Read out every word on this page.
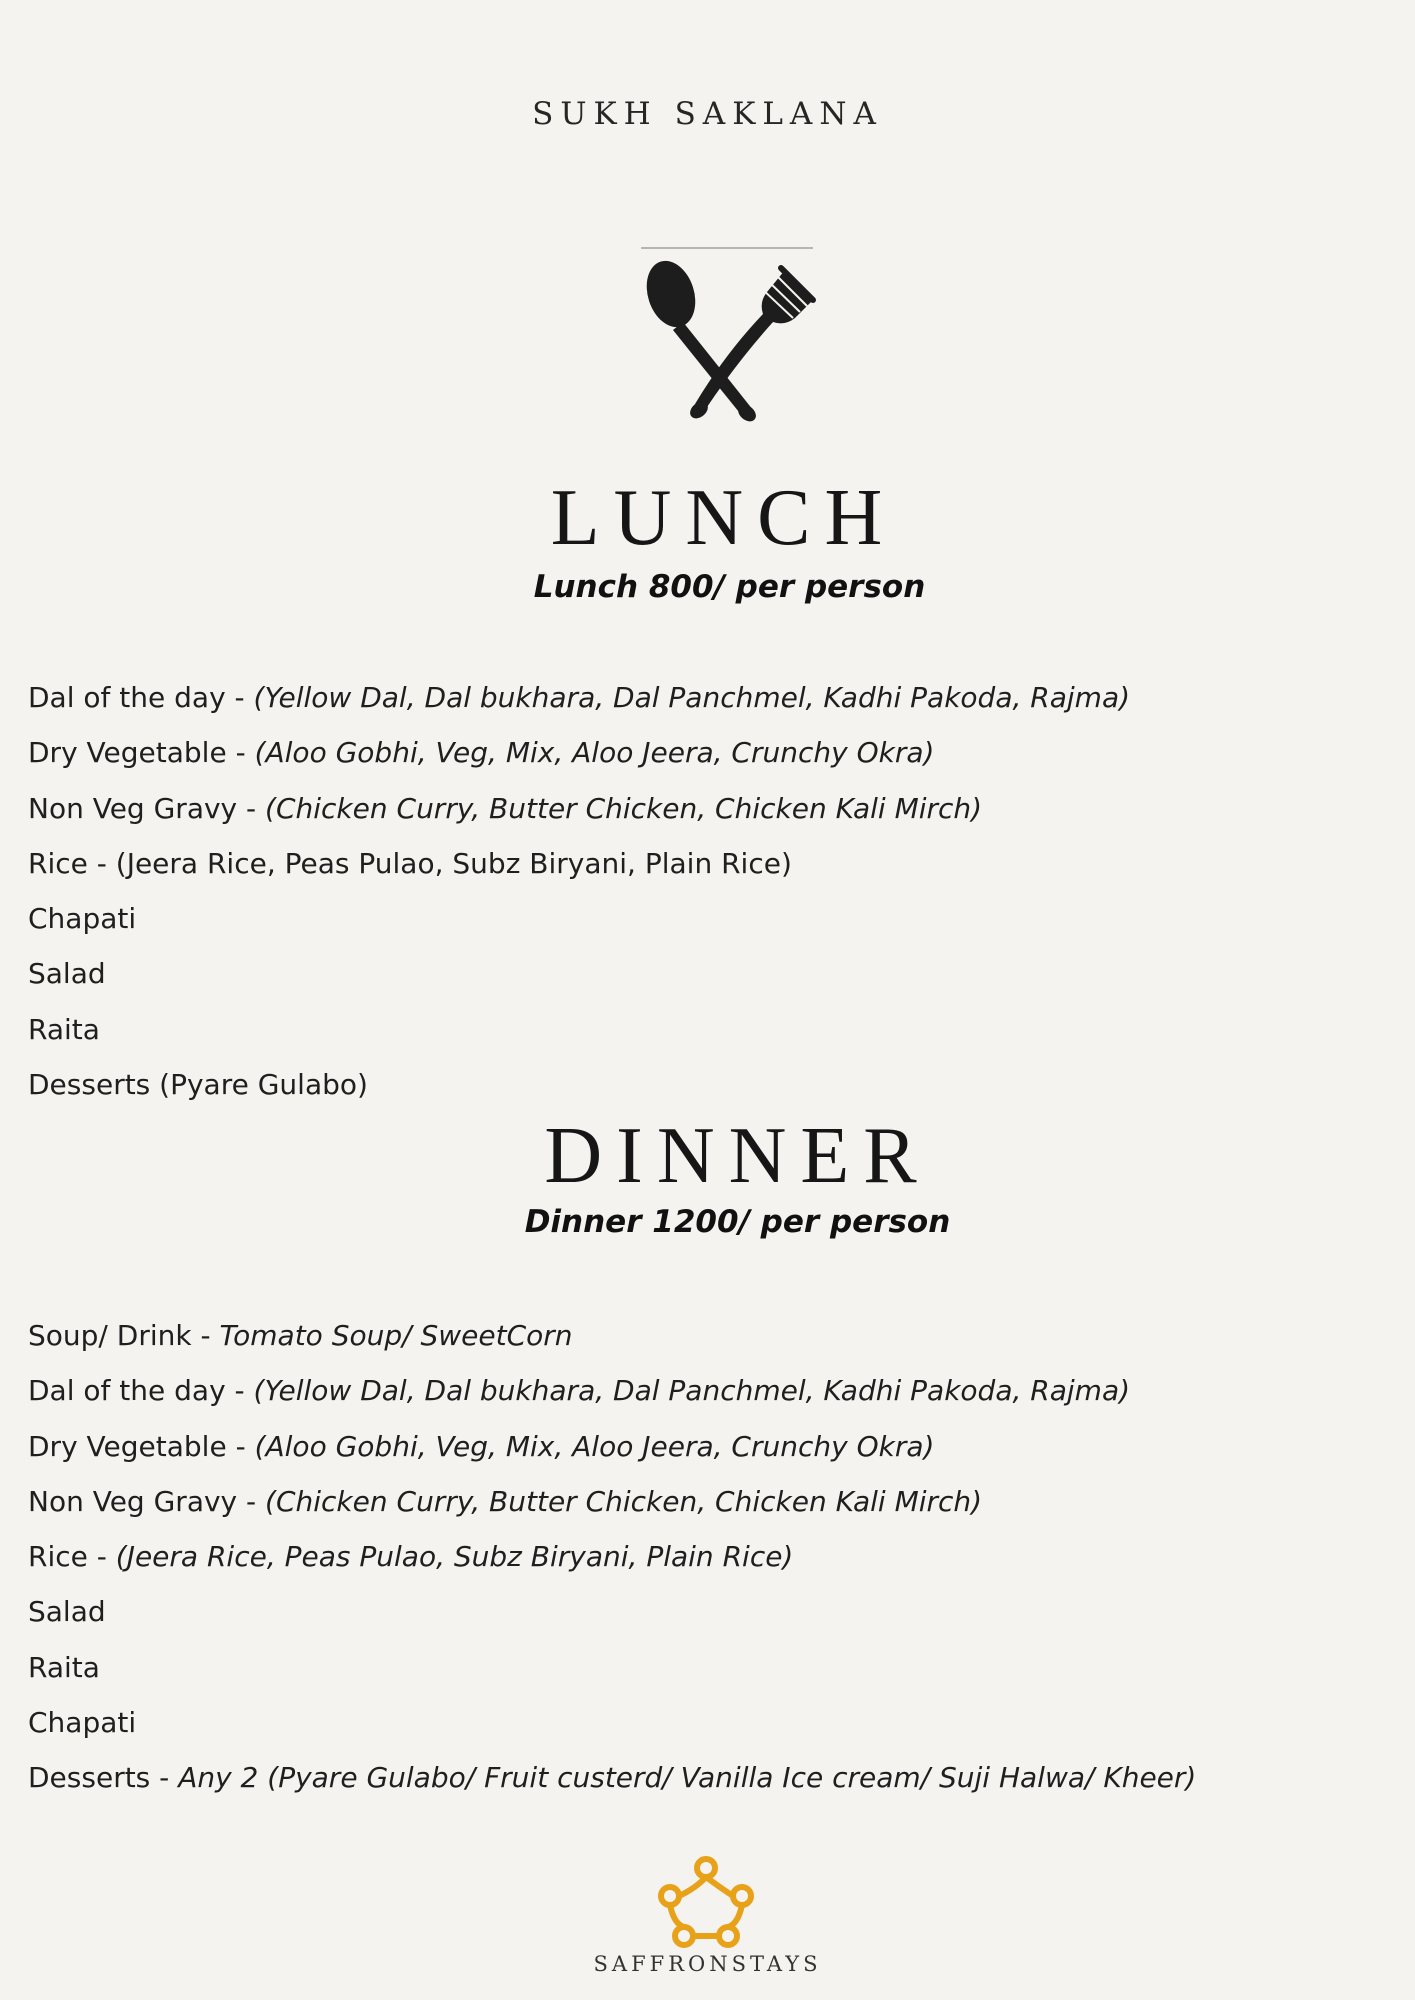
SUKH SAKLANA
LUNCH
Lunch 800/ per person
Dal of the day - (Yellow Dal, Dal bukhara, Dal Panchmel, Kadhi Pakoda, Rajma)
Dry Vegetable - (Aloo Gobhi, Veg, Mix, Aloo Jeera, Crunchy Okra)
Non Veg Gravy - (Chicken Curry, Butter Chicken, Chicken Kali Mirch)
Rice - (Jeera Rice, Peas Pulao, Subz Biryani, Plain Rice)
Chapati
Salad
Raita
Desserts (Pyare Gulabo)
DINNER
Dinner 1200/ per person
Soup/ Drink - Tomato Soup/ SweetCorn
Dal of the day - (Yellow Dal, Dal bukhara, Dal Panchmel, Kadhi Pakoda, Rajma)
Dry Vegetable - (Aloo Gobhi, Veg, Mix, Aloo Jeera, Crunchy Okra)
Non Veg Gravy - (Chicken Curry, Butter Chicken, Chicken Kali Mirch)
Rice - (Jeera Rice, Peas Pulao, Subz Biryani, Plain Rice)
Salad
Raita
Chapati
Desserts - Any 2 (Pyare Gulabo/ Fruit custerd/ Vanilla Ice cream/ Suji Halwa/ Kheer)
SAFFRONSTAYS
